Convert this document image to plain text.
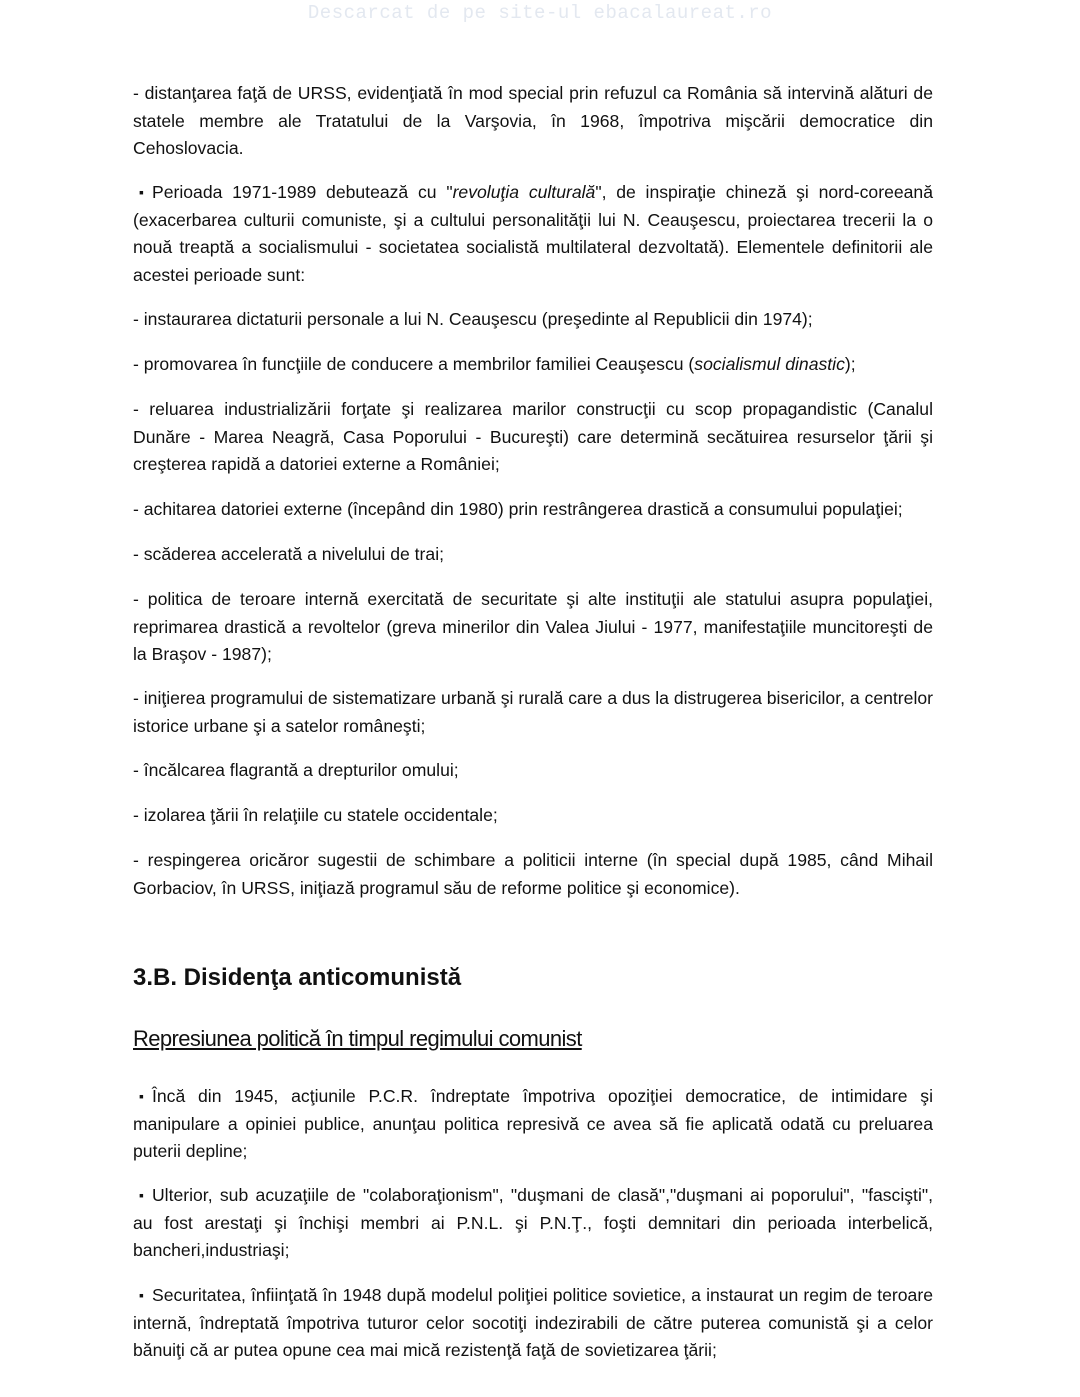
Descarcat de pe site-ul ebacalaureat.ro

- distanţarea faţă de URSS, evidenţiată în mod special prin refuzul ca România să intervină alături de statele membre ale Tratatului de la Varşovia, în 1968, împotriva mişcării democratice din Cehoslovacia.

▪ Perioada 1971-1989 debutează cu "revoluţia culturală", de inspiraţie chineză şi nord-coreeană (exacerbarea culturii comuniste, şi a cultului personalităţii lui N. Ceauşescu, proiectarea trecerii la o nouă treaptă a socialismului - societatea socialistă multilateral dezvoltată). Elementele definitorii ale acestei perioade sunt:

- instaurarea dictaturii personale a lui N. Ceauşescu (preşedinte al Republicii din 1974);

- promovarea în funcţiile de conducere a membrilor familiei Ceauşescu (socialismul dinastic);

- reluarea industrializării forţate şi realizarea marilor construcţii cu scop propagandistic (Canalul Dunăre - Marea Neagră, Casa Poporului - Bucureşti) care determină secătuirea resurselor ţării şi creşterea rapidă a datoriei externe a României;

- achitarea datoriei externe (începând din 1980) prin restrângerea drastică a consumului populaţiei;

- scăderea accelerată a nivelului de trai;

- politica de teroare internă exercitată de securitate şi alte instituţii ale statului asupra populaţiei, reprimarea drastică a revoltelor (greva minerilor din Valea Jiului - 1977, manifestaţiile muncitoreşti de la Braşov - 1987);

- iniţierea programului de sistematizare urbană şi rurală care a dus la distrugerea bisericilor, a centrelor istorice urbane şi a satelor româneşti;

- încălcarea flagrantă a drepturilor omului;

- izolarea ţării în relaţiile cu statele occidentale;

- respingerea oricăror sugestii de schimbare a politicii interne (în special după 1985, când Mihail Gorbaciov, în URSS, iniţiază programul său de reforme politice şi economice).

3.B. Disidenţa anticomunistă
Represiunea politică în timpul regimului comunist

▪ Încă din 1945, acţiunile P.C.R. îndreptate împotriva opoziţiei democratice, de intimidare şi manipulare a opiniei publice, anunţau politica represivă ce avea să fie aplicată odată cu preluarea puterii depline;

▪ Ulterior, sub acuzaţiile de "colaboraţionism", "duşmani de clasă","duşmani ai poporului", "fascişti", au fost arestaţi şi închişi membri ai P.N.L. şi P.N.Ţ., foşti demnitari din perioada interbelică, bancheri,industriaşi;

▪ Securitatea, înfiinţată în 1948 după modelul poliţiei politice sovietice, a instaurat un regim de teroare internă, îndreptată împotriva tuturor celor socotiţi indezirabili de către puterea comunistă şi a celor bănuiţi că ar putea opune cea mai mică rezistenţă faţă de sovietizarea ţării;
